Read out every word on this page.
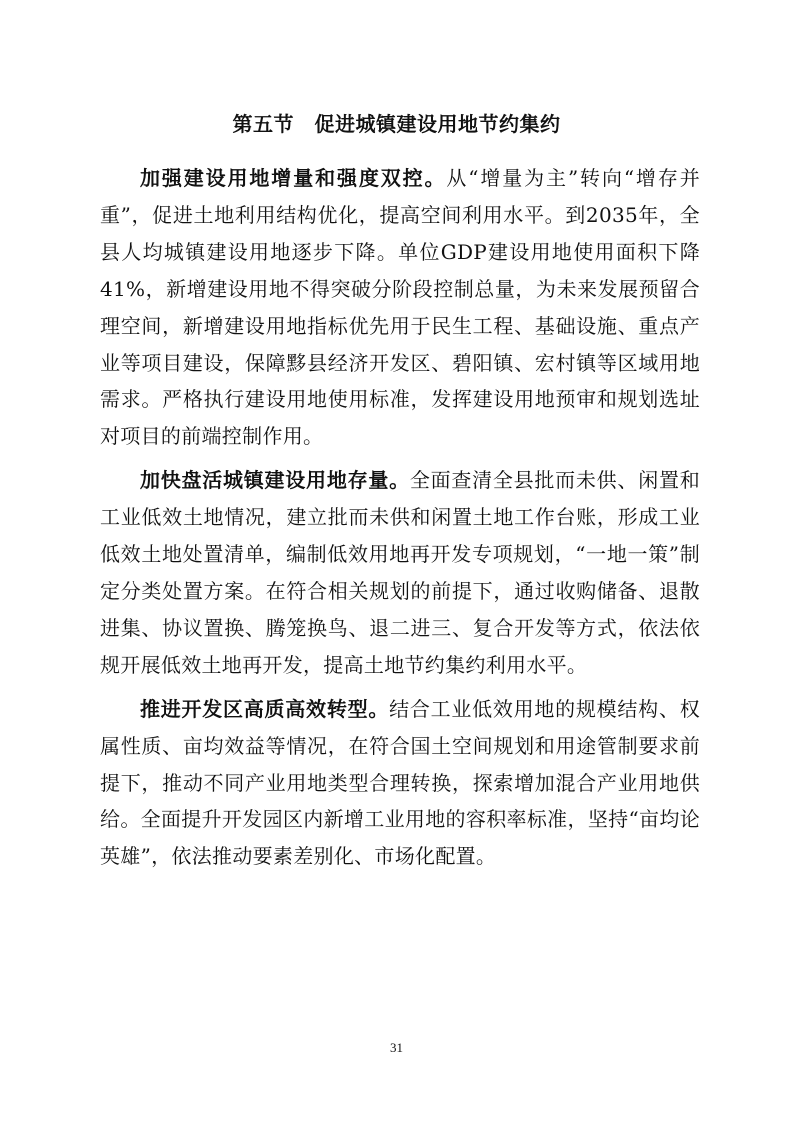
第五节　促进城镇建设用地节约集约

加强建设用地增量和强度双控。从“增量为主”转向“增存并重”，促进土地利用结构优化，提高空间利用水平。到2035年，全县人均城镇建设用地逐步下降。单位GDP建设用地使用面积下降41%，新增建设用地不得突破分阶段控制总量，为未来发展预留合理空间，新增建设用地指标优先用于民生工程、基础设施、重点产业等项目建设，保障黟县经济开发区、碧阳镇、宏村镇等区域用地需求。严格执行建设用地使用标准，发挥建设用地预审和规划选址对项目的前端控制作用。

加快盘活城镇建设用地存量。全面查清全县批而未供、闲置和工业低效土地情况，建立批而未供和闲置土地工作台账，形成工业低效土地处置清单，编制低效用地再开发专项规划，“一地一策”制定分类处置方案。在符合相关规划的前提下，通过收购储备、退散进集、协议置换、腾笼换鸟、退二进三、复合开发等方式，依法依规开展低效土地再开发，提高土地节约集约利用水平。

推进开发区高质高效转型。结合工业低效用地的规模结构、权属性质、亩均效益等情况，在符合国土空间规划和用途管制要求前提下，推动不同产业用地类型合理转换，探索增加混合产业用地供给。全面提升开发园区内新增工业用地的容积率标准，坚持“亩均论英雄”，依法推动要素差别化、市场化配置。

31
